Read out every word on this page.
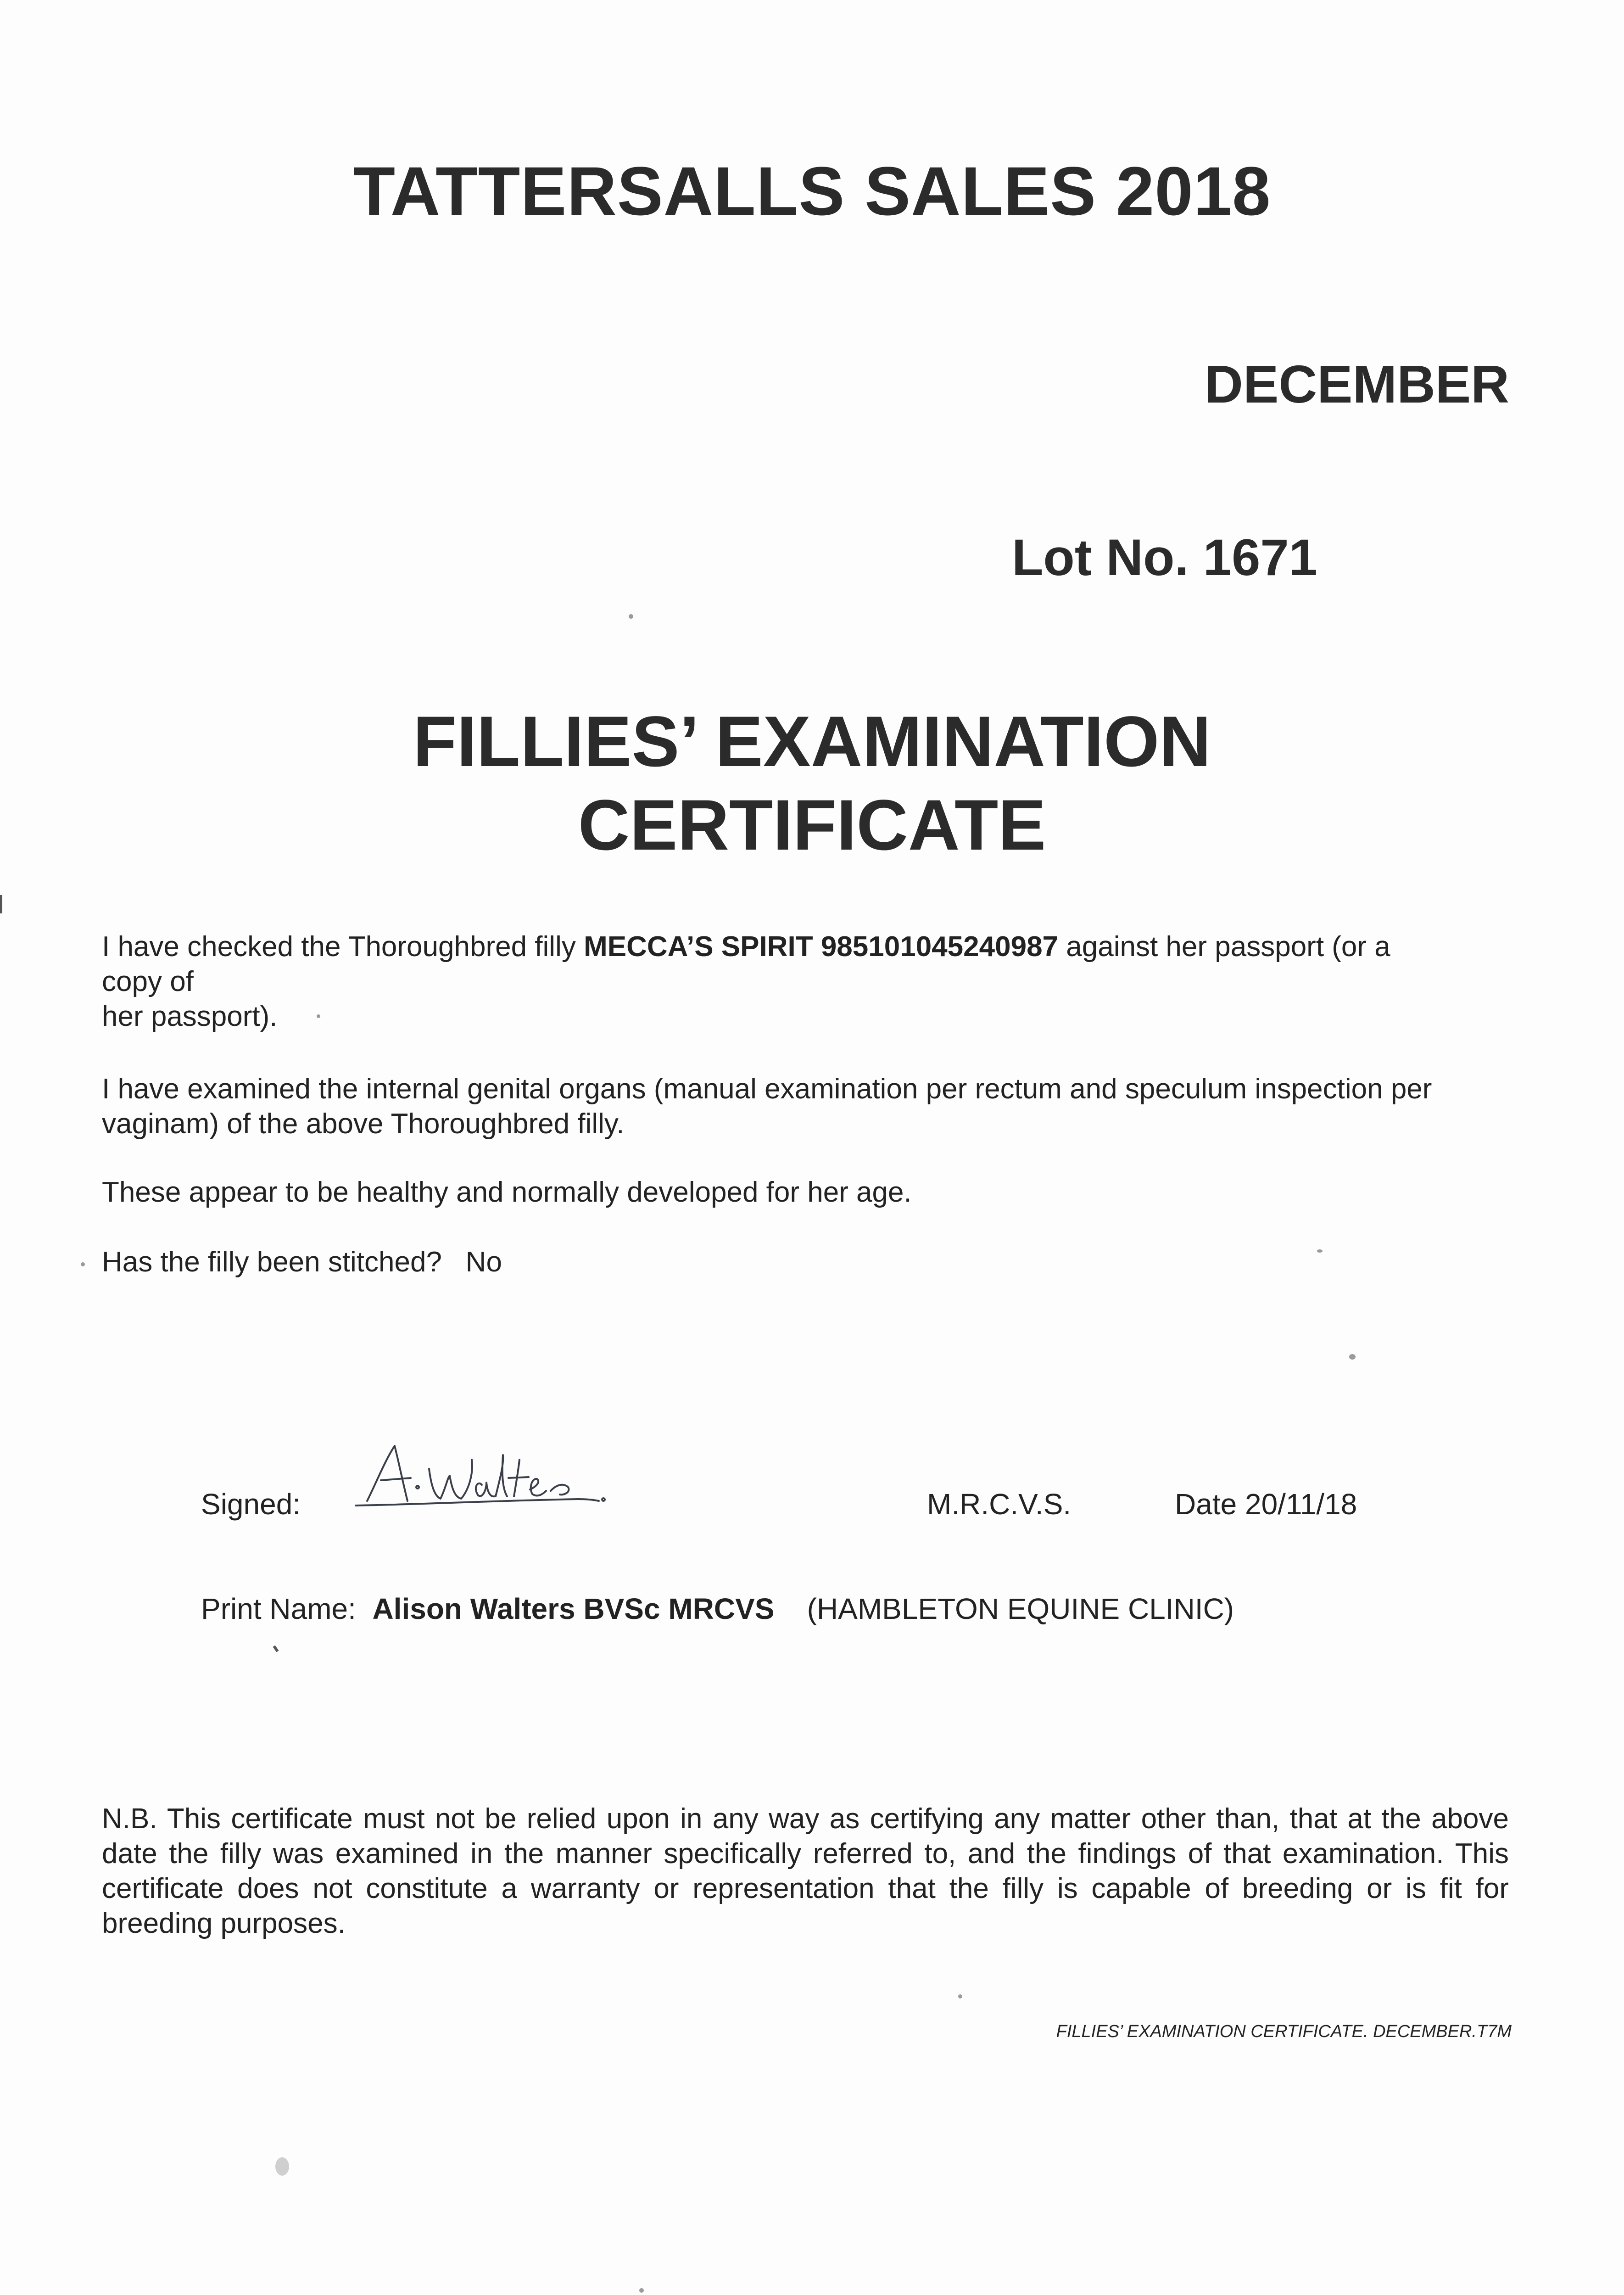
TATTERSALLS SALES 2018
DECEMBER
Lot No. 1671
FILLIES’ EXAMINATION
CERTIFICATE
I have checked the Thoroughbred filly MECCA’S SPIRIT 985101045240987 against her passport (or a
copy of
her passport).
I have examined the internal genital organs (manual examination per rectum and speculum inspection per vaginam) of the above Thoroughbred filly.
These appear to be healthy and normally developed for her age.
Has the filly been stitched? No
Signed:	M.R.C.V.S.	Date 20/11/18
Print Name: Alison Walters BVSc MRCVS (HAMBLETON EQUINE CLINIC)
N.B. This certificate must not be relied upon in any way as certifying any matter other than, that at the above date the filly was examined in the manner specifically referred to, and the findings of that examination. This certificate does not constitute a warranty or representation that the filly is capable of breeding or is fit for breeding purposes.
FILLIES’ EXAMINATION CERTIFICATE. DECEMBER.T7M
